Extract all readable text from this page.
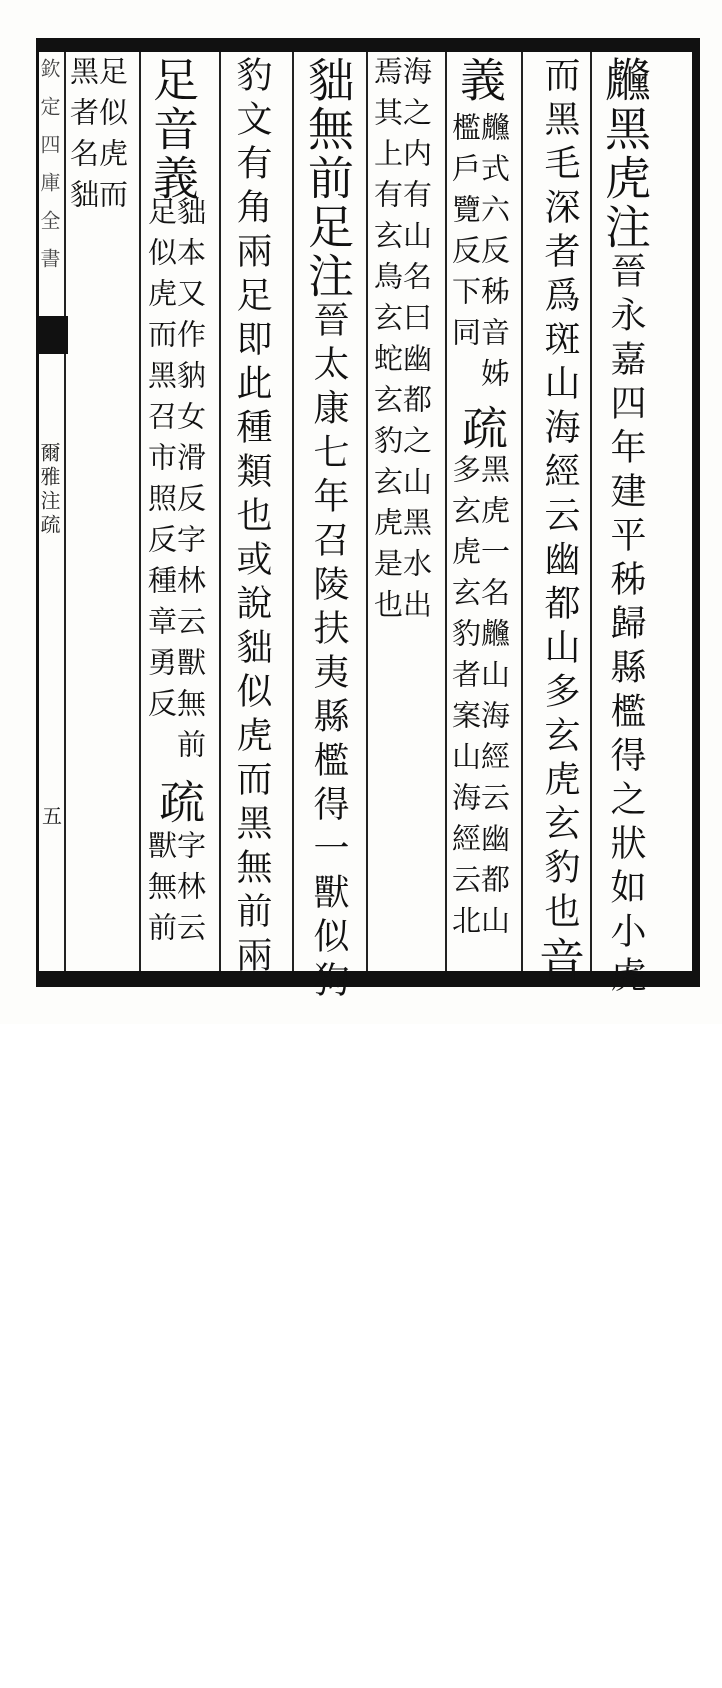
欽定四庫全書
爾雅注疏
五
虪黑虎注晉永嘉四年建平秭歸縣檻得之狀如小虎
而黑毛深者爲斑山海經云幽都山多玄虎玄豹也音
義
虪式六反秭音姊
檻戶覽反下同
疏
黑虎一名虪山海經云幽都山
多玄虎玄豹者案山海經云北
海之内有山名曰幽都之山黑水出
焉其上有玄鳥玄蛇玄豹玄虎是也
貀無前足注晉太康七年召陵扶夷縣檻得一獸似狗
豹文有角兩足即此種類也或說貀似虎而黑無前兩
足音義
貀本又作豽女滑反字林云獸無前
足似虎而黑召市照反種章勇反
疏
字林云
獸無前
足似虎而
黑者名貀
